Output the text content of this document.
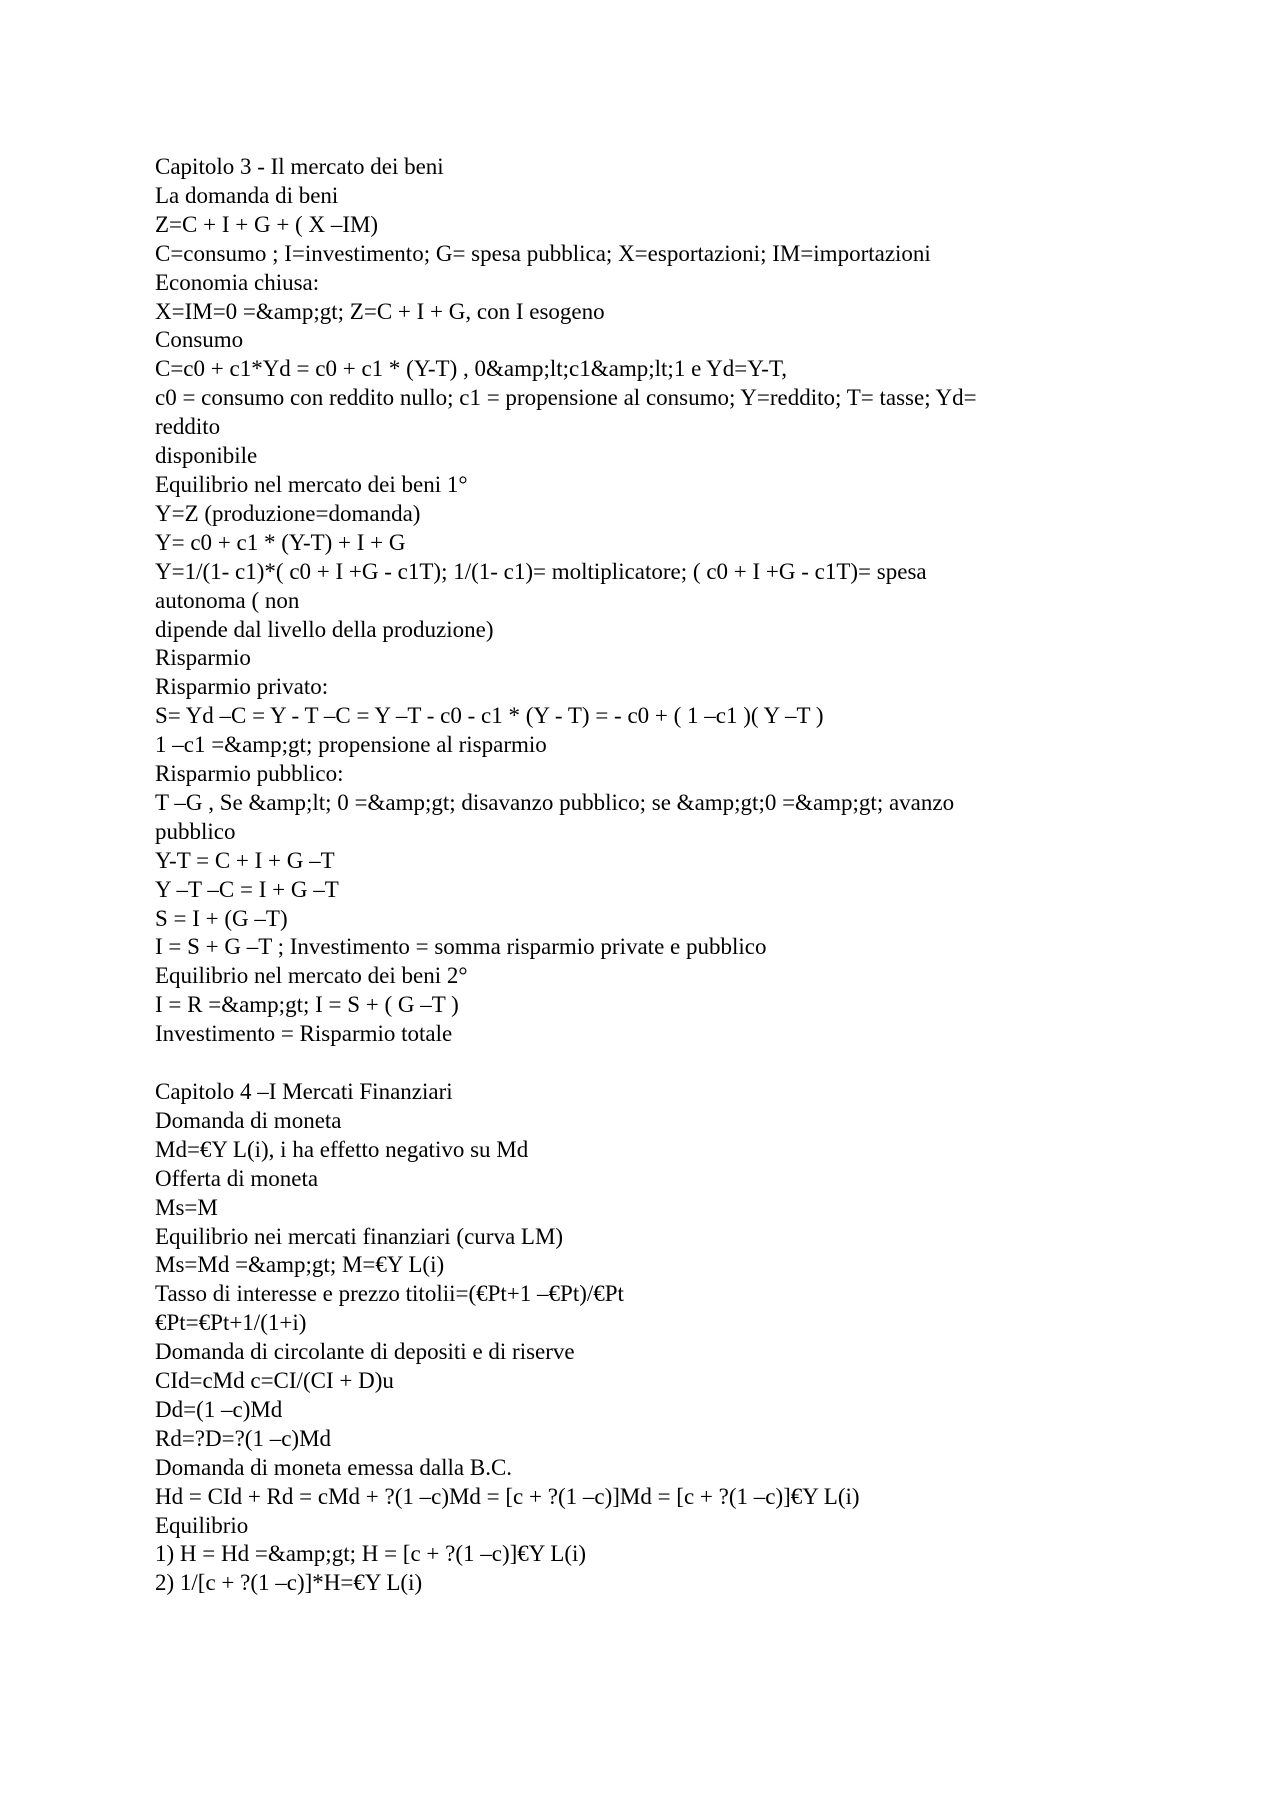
Capitolo 3 - Il mercato dei beni
La domanda di beni
Z=C + I + G + ( X –IM)
C=consumo ; I=investimento; G= spesa pubblica; X=esportazioni; IM=importazioni
Economia chiusa:
X=IM=0 =&amp;gt; Z=C + I + G, con I esogeno
Consumo
C=c0 + c1*Yd = c0 + c1 * (Y-T) , 0&amp;lt;c1&amp;lt;1 e Yd=Y-T,
c0 = consumo con reddito nullo; c1 = propensione al consumo; Y=reddito; T= tasse; Yd=
reddito
disponibile
Equilibrio nel mercato dei beni 1°
Y=Z (produzione=domanda)
Y= c0 + c1 * (Y-T) + I + G
Y=1/(1- c1)*( c0 + I +G - c1T); 1/(1- c1)= moltiplicatore; ( c0 + I +G - c1T)= spesa
autonoma ( non
dipende dal livello della produzione)
Risparmio
Risparmio privato:
S= Yd –C = Y - T –C = Y –T - c0 - c1 * (Y - T) = - c0 + ( 1 –c1 )( Y –T )
1 –c1 =&amp;gt; propensione al risparmio
Risparmio pubblico:
T –G , Se &amp;lt; 0 =&amp;gt; disavanzo pubblico; se &amp;gt;0 =&amp;gt; avanzo
pubblico
Y-T = C + I + G –T
Y –T –C = I + G –T
S = I + (G –T)
I = S + G –T ; Investimento = somma risparmio private e pubblico
Equilibrio nel mercato dei beni 2°
I = R =&amp;gt; I = S + ( G –T )
Investimento = Risparmio totale
Capitolo 4 –I Mercati Finanziari
Domanda di moneta
Md=€Y L(i), i ha effetto negativo su Md
Offerta di moneta
Ms=M
Equilibrio nei mercati finanziari (curva LM)
Ms=Md =&amp;gt; M=€Y L(i)
Tasso di interesse e prezzo titolii=(€Pt+1 –€Pt)/€Pt
€Pt=€Pt+1/(1+i)
Domanda di circolante di depositi e di riserve
CId=cMd c=CI/(CI + D)u
Dd=(1 –c)Md
Rd=?D=?(1 –c)Md
Domanda di moneta emessa dalla B.C.
Hd = CId + Rd = cMd + ?(1 –c)Md = [c + ?(1 –c)]Md = [c + ?(1 –c)]€Y L(i)
Equilibrio
1) H = Hd =&amp;gt; H = [c + ?(1 –c)]€Y L(i)
2) 1/[c + ?(1 –c)]*H=€Y L(i)
